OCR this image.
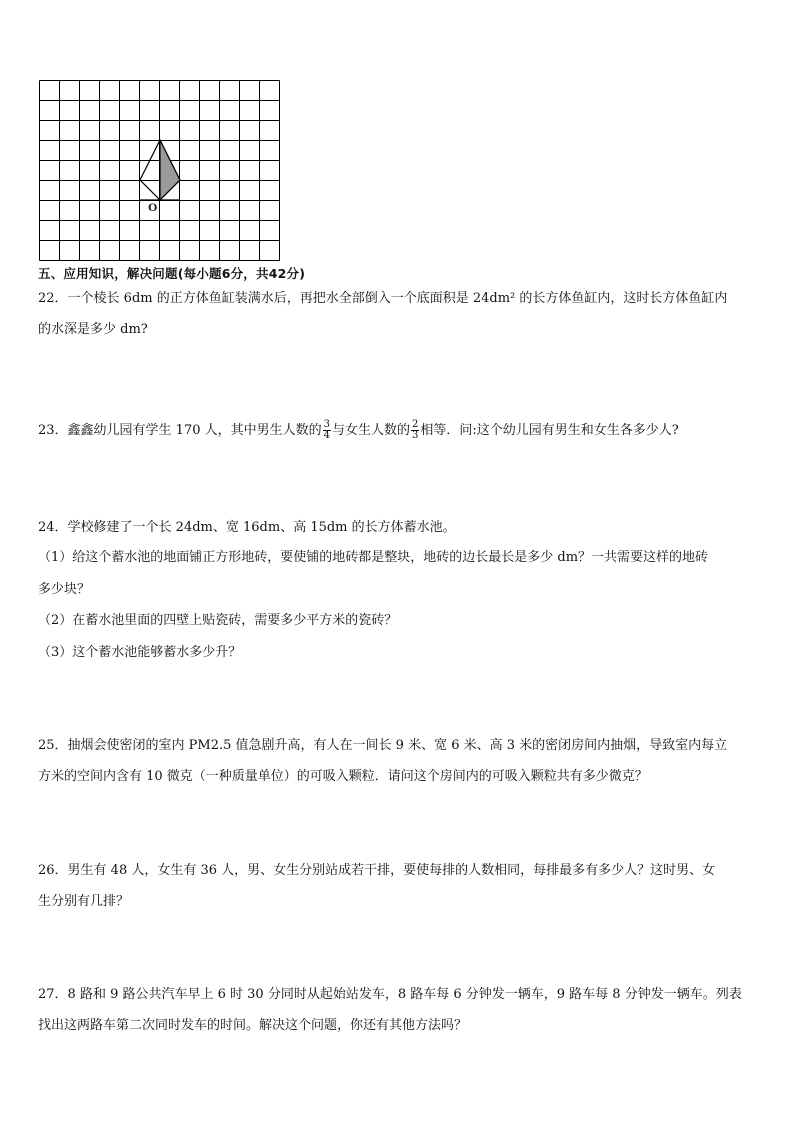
O
五、应用知识，解决问题(每小题6分，共42分)
22．一个棱长 6dm 的正方体鱼缸装满水后，再把水全部倒入一个底面积是 24dm² 的长方体鱼缸内，这时长方体鱼缸内
的水深是多少 dm?
23．鑫鑫幼儿园有学生 170 人，其中男生人数的 $\frac{3}{4}$ 与女生人数的 $\frac{2}{3}$ 相等．问:这个幼儿园有男生和女生各多少人?
24．学校修建了一个长 24dm、宽 16dm、高 15dm 的长方体蓄水池。
（1）给这个蓄水池的地面铺正方形地砖，要使铺的地砖都是整块，地砖的边长最长是多少 dm？一共需要这样的地砖
多少块？
（2）在蓄水池里面的四壁上贴瓷砖，需要多少平方米的瓷砖？
（3）这个蓄水池能够蓄水多少升？
25．抽烟会使密闭的室内 PM2.5 值急剧升高，有人在一间长 9 米、宽 6 米、高 3 米的密闭房间内抽烟，导致室内每立
方米的空间内含有 10 微克（一种质量单位）的可吸入颗粒．请问这个房间内的可吸入颗粒共有多少微克？
26．男生有 48 人，女生有 36 人，男、女生分别站成若干排，要使每排的人数相同，每排最多有多少人？这时男、女
生分别有几排？
27．8 路和 9 路公共汽车早上 6 时 30 分同时从起始站发车，8 路车每 6 分钟发一辆车，9 路车每 8 分钟发一辆车。列表
找出这两路车第二次同时发车的时间。解决这个问题，你还有其他方法吗？
